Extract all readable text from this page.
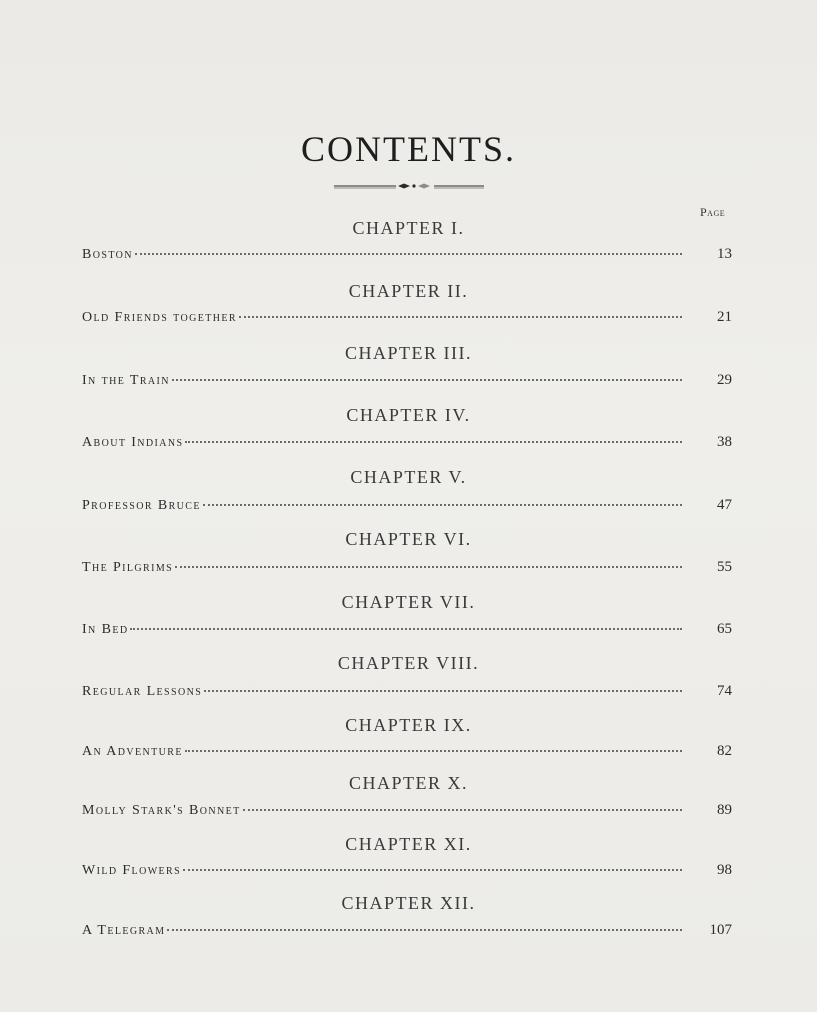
CONTENTS.
Page
CHAPTER I.
Boston	13
CHAPTER II.
Old Friends together	21
CHAPTER III.
In the Train	29
CHAPTER IV.
About Indians	38
CHAPTER V.
Professor Bruce	47
CHAPTER VI.
The Pilgrims	55
CHAPTER VII.
In Bed	65
CHAPTER VIII.
Regular Lessons	74
CHAPTER IX.
An Adventure	82
CHAPTER X.
Molly Stark's Bonnet	89
CHAPTER XI.
Wild Flowers	98
CHAPTER XII.
A Telegram	107
